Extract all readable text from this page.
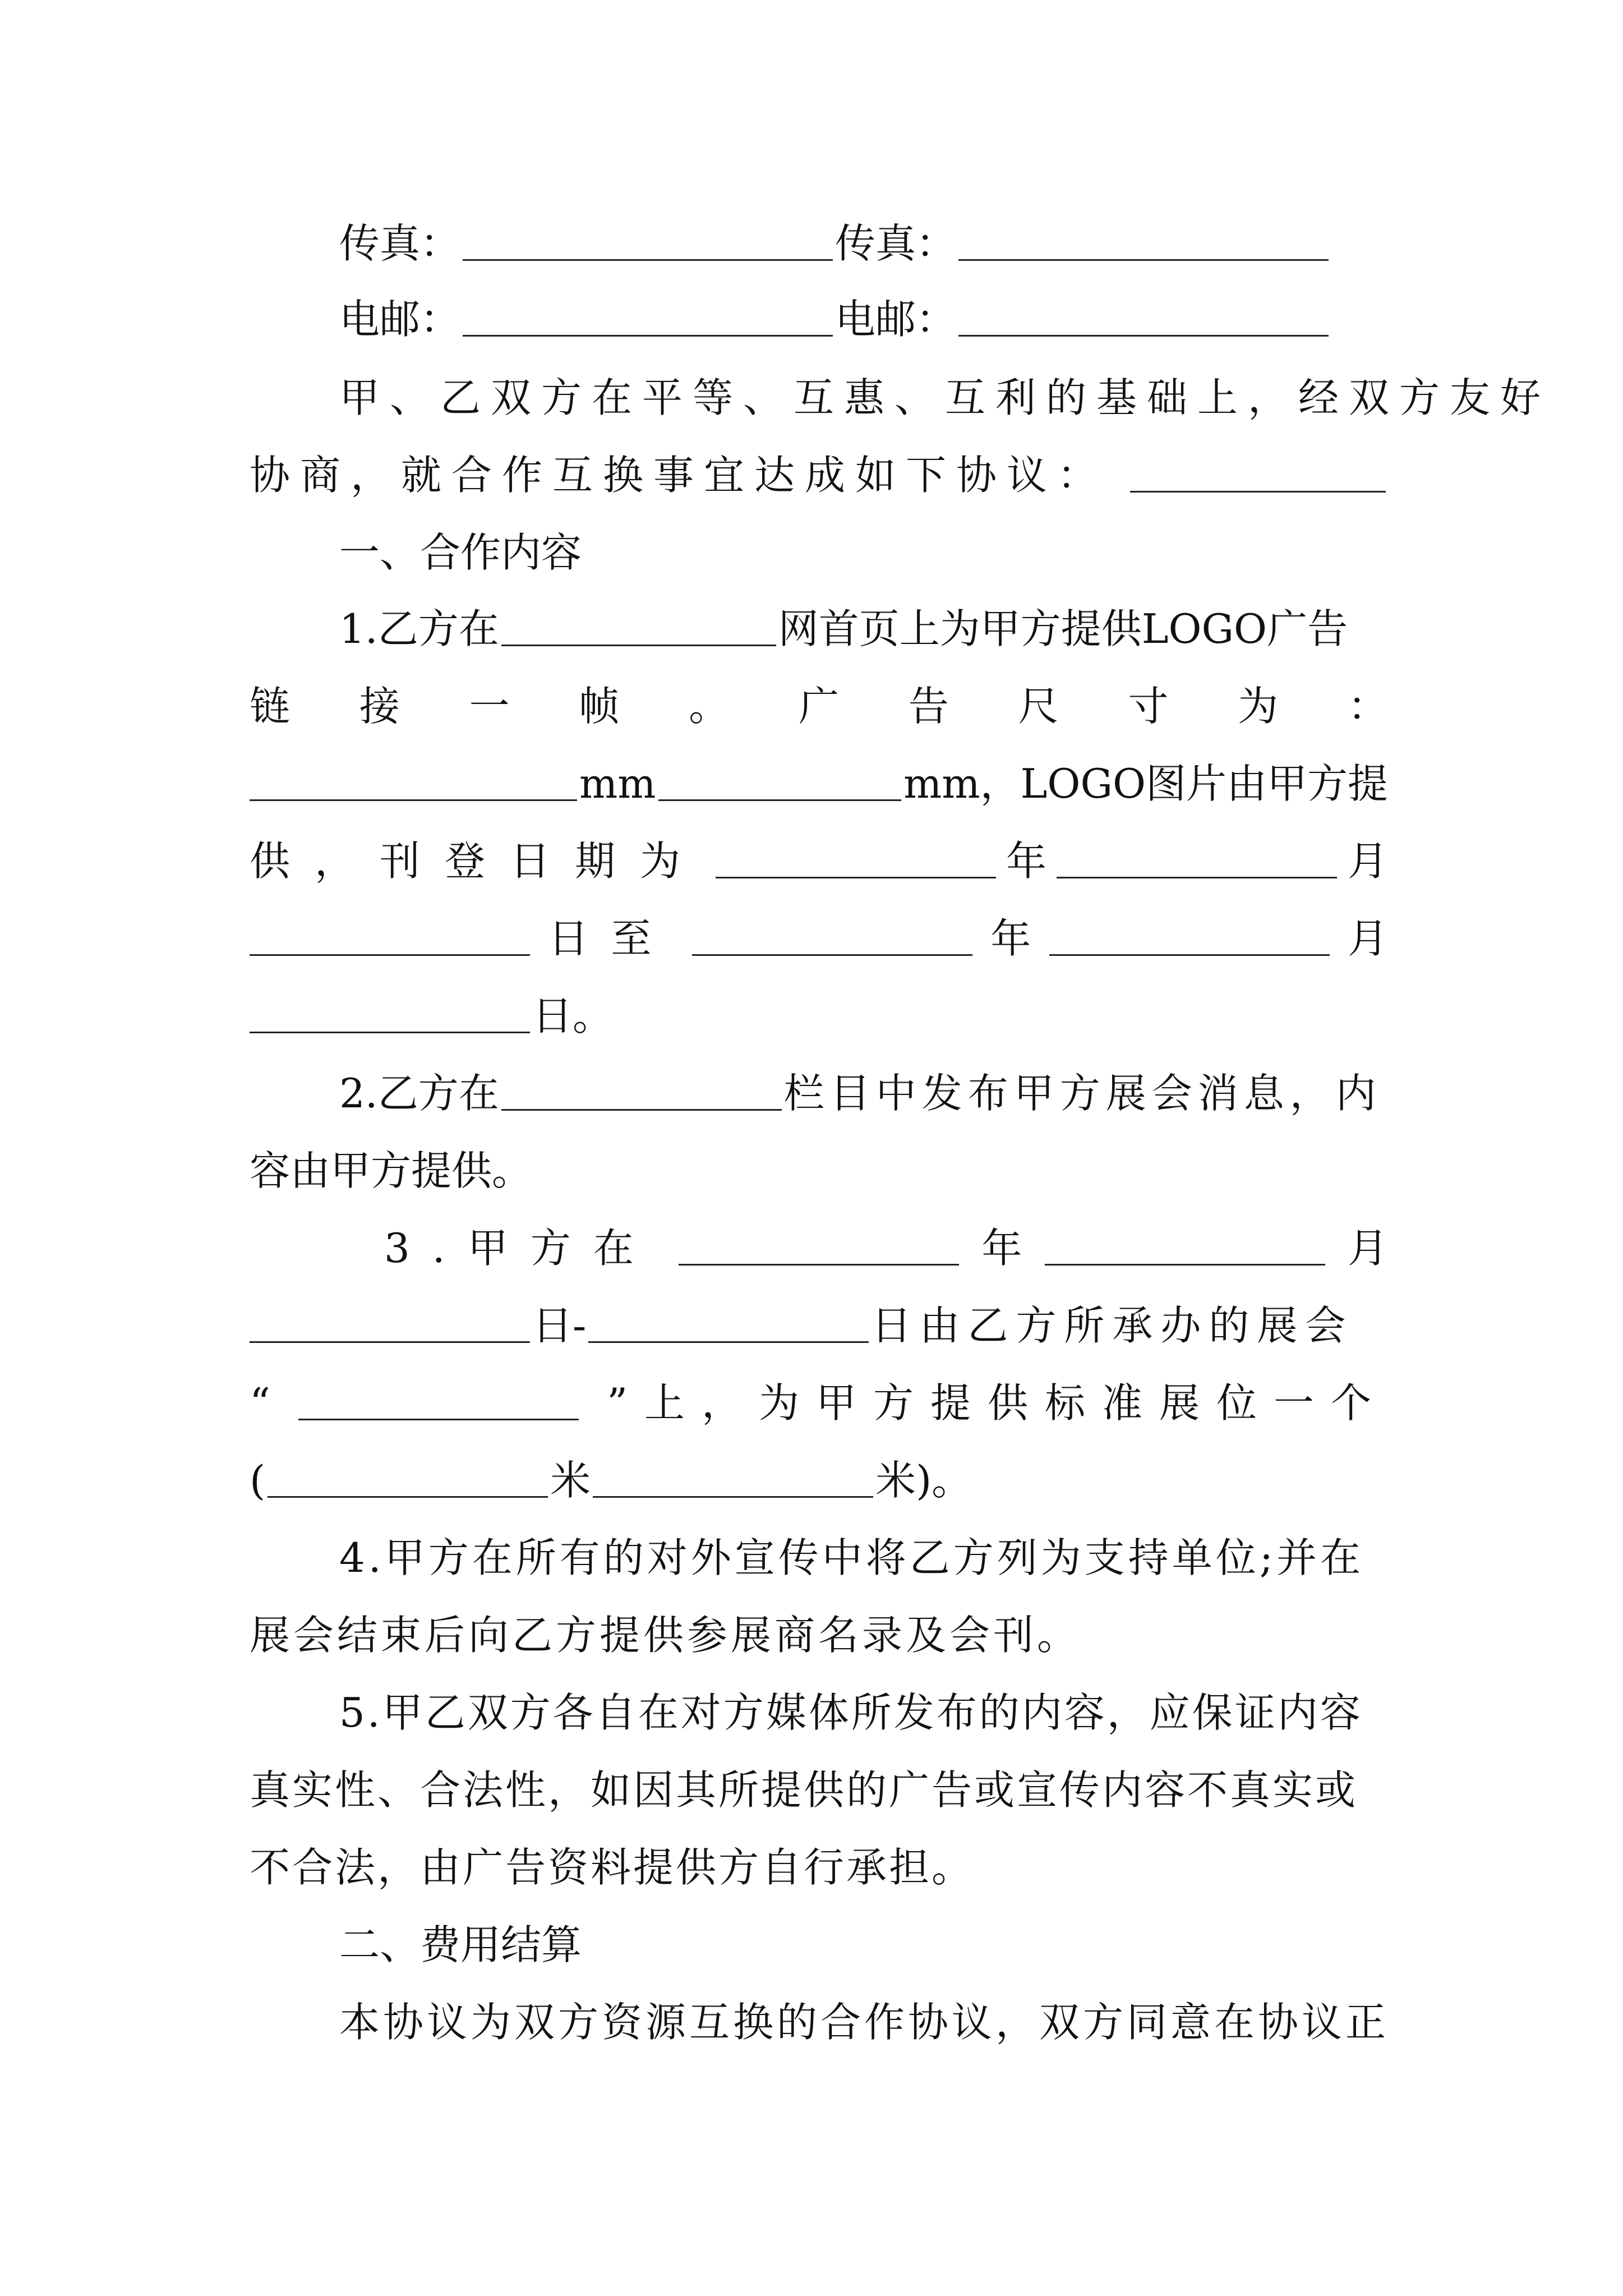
传真：	传真：
电邮：	电邮：
甲、乙双方在平等、互惠、互利的基础上，经双方友好
协商，就合作互换事宜达成如下协议：
一、合作内容
1.乙方在	网首页上为甲方提供LOGO广告
链 接 一 帧 。 广 告 尺 寸 为 ：
mm	mm，LOGO图片由甲方提
供，刊登日期为	年	月
日至	年	月
日。
2.乙方在	栏目中发布甲方展会消息，内
容由甲方提供。
3.甲方在	年	月
日-	日由乙方所承办的展会
“	”上，为甲方提供标准展位一个
(	米	米)。
4.甲方在所有的对外宣传中将乙方列为支持单位;并在
展会结束后向乙方提供参展商名录及会刊。
5.甲乙双方各自在对方媒体所发布的内容，应保证内容
真实性、合法性，如因其所提供的广告或宣传内容不真实或
不合法，由广告资料提供方自行承担。
二、费用结算
本协议为双方资源互换的合作协议，双方同意在协议正
